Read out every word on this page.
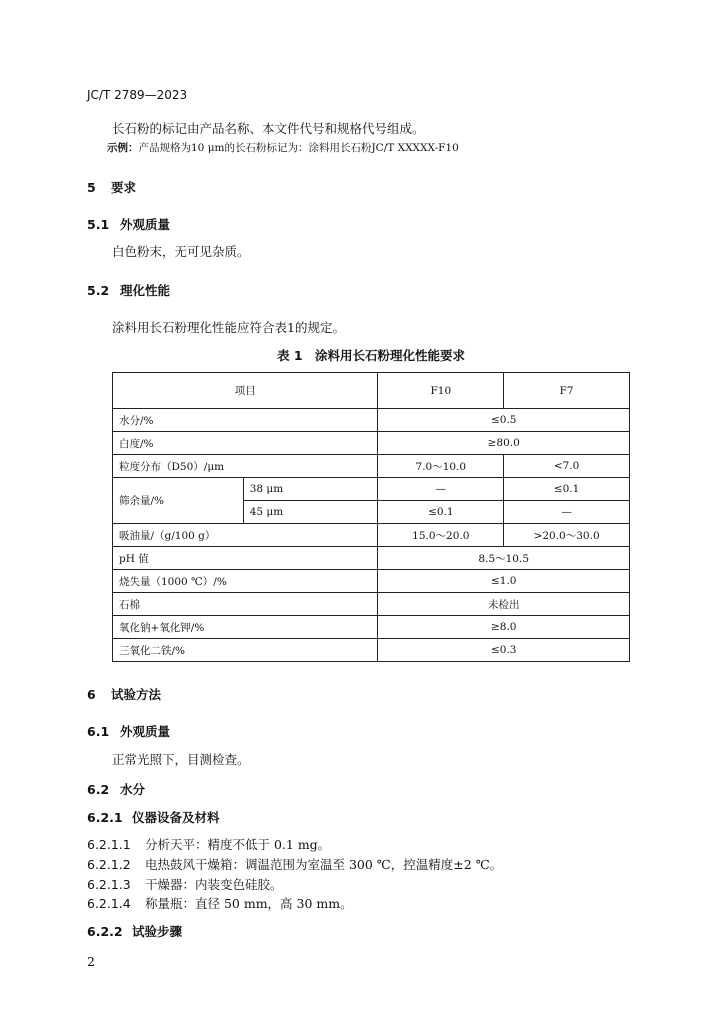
JC/T 2789—2023
长石粉的标记由产品名称、本文件代号和规格代号组成。
示例：产品规格为10 μm的长石粉标记为：涂料用长石粉JC/T XXXXX-F10
5 要求
5.1 外观质量
白色粉末，无可见杂质。
5.2 理化性能
涂料用长石粉理化性能应符合表1的规定。
表 1　涂料用长石粉理化性能要求
项目		F10	F7
水分/%		≤0.5	
白度/%		≥80.0	
粒度分布（D50）/μm		7.0～10.0	<7.0
筛余量/%	38 μm	—	≤0.1
	45 μm	≤0.1	—
吸油量/（g/100 g）		15.0～20.0	>20.0～30.0
pH 值		8.5～10.5	
烧失量（1000 ℃）/%		≤1.0	
石棉		未检出	
氧化钠+氧化钾/%		≥8.0	
三氧化二铁/%		≤0.3	
6 试验方法
6.1 外观质量
正常光照下，目测检查。
6.2 水分
6.2.1 仪器设备及材料
6.2.1.1 分析天平：精度不低于 0.1 mg。
6.2.1.2 电热鼓风干燥箱：调温范围为室温至 300 ℃，控温精度±2 ℃。
6.2.1.3 干燥器：内装变色硅胶。
6.2.1.4 称量瓶：直径 50 mm，高 30 mm。
6.2.2 试验步骤
2
